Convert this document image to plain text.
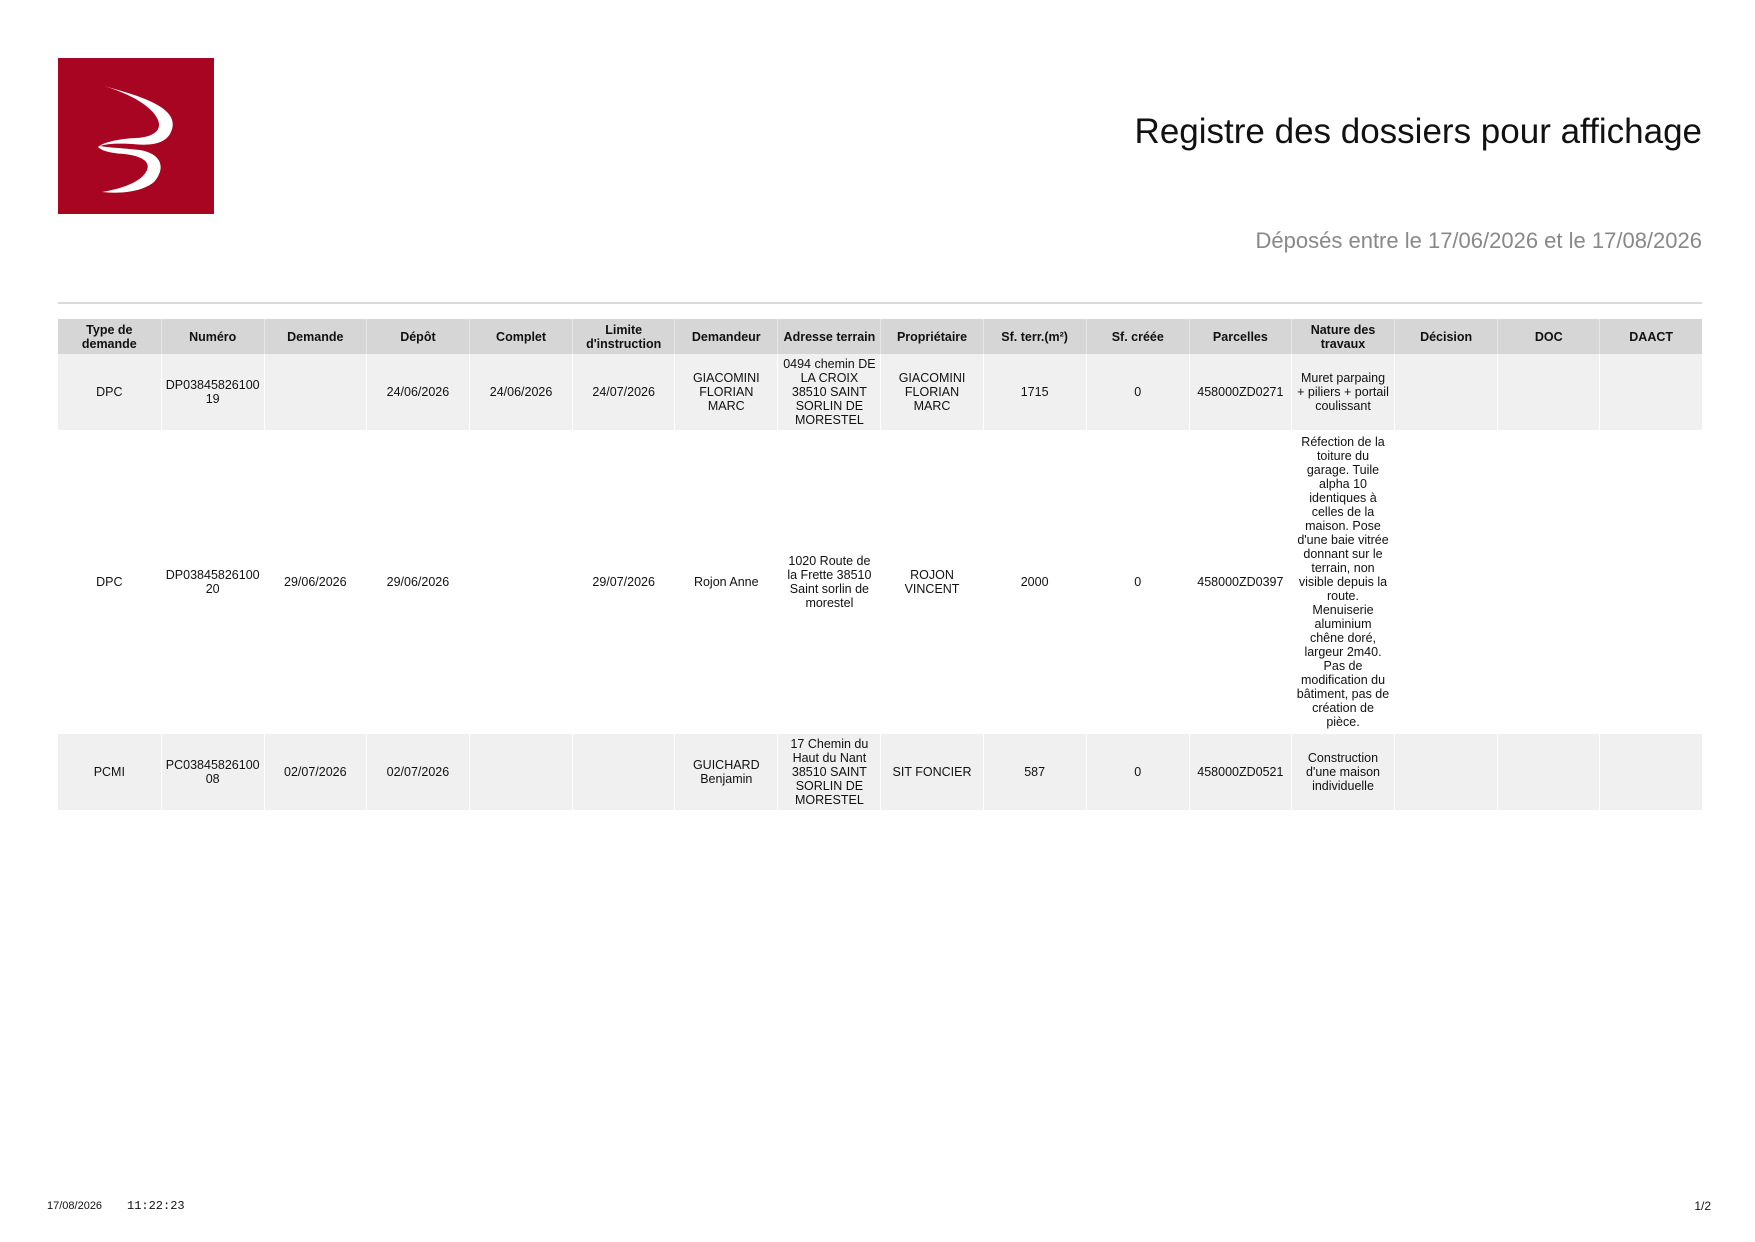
Registre des dossiers pour affichage
Déposés entre le 17/06/2026 et le 17/08/2026
Type de demande	Numéro	Demande	Dépôt	Complet	Limite d'instruction	Demandeur	Adresse terrain	Propriétaire	Sf. terr.(m²)	Sf. créée	Parcelles	Nature des travaux	Décision	DOC	DAACT
DPC	DP0384582610019		24/06/2026	24/06/2026	24/07/2026	GIACOMINI FLORIAN MARC	0494 chemin DE LA CROIX 38510 SAINT SORLIN DE MORESTEL	GIACOMINI FLORIAN MARC	1715	0	458000ZD0271	Muret parpaing + piliers + portail coulissant			
DPC	DP0384582610020	29/06/2026	29/06/2026		29/07/2026	Rojon Anne	1020 Route de la Frette 38510 Saint sorlin de morestel	ROJON VINCENT	2000	0	458000ZD0397	Réfection de la toiture du garage. Tuile alpha 10 identiques à celles de la maison. Pose d'une baie vitrée donnant sur le terrain, non visible depuis la route. Menuiserie aluminium chêne doré, largeur 2m40. Pas de modification du bâtiment, pas de création de pièce.			
PCMI	PC0384582610008	02/07/2026	02/07/2026			GUICHARD Benjamin	17 Chemin du Haut du Nant 38510 SAINT SORLIN DE MORESTEL	SIT FONCIER	587	0	458000ZD0521	Construction d'une maison individuelle			
17/08/2026 11:22:23	1/2
